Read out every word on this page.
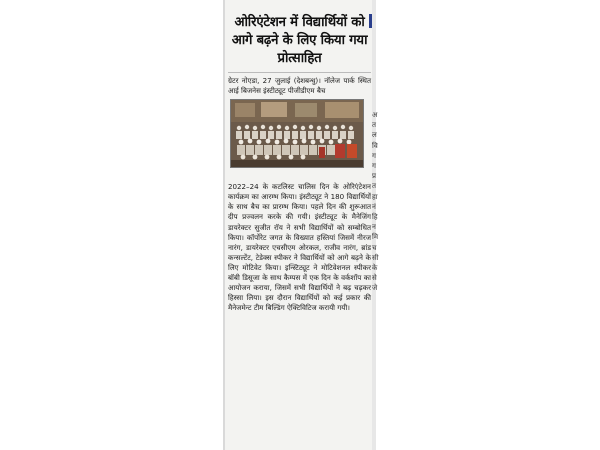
ओरिएंटेशन में विद्यार्थियों को आगे बढ़ने के लिए किया गया प्रोत्साहित

ग्रेटर नोएडा, 27 जुलाई (देशबन्धु)। नॉलेज पार्क स्थित आई बिजनेस इंस्टीट्यूट पीजीडीएम बैच

2022–24 के कटलिस्ट चालिस दिन के ओरिएंटेशन कार्यक्रम का आरम्भ किया। इंस्टीट्यूट ने 180 विद्यार्थियों के साथ बैच का प्रारम्भ किया। पहले दिन की शुरूआत दीप प्रज्वलन करके की गयी। इंस्टीट्यूट के मैनेजिंग डायरेक्टर सुजीत रॉय ने सभी विद्यार्थियों को सम्बोधित किया। कॉर्पोरेट जगत के विख्यात हस्तियां जिसमें नीरज नारंग, डायरेक्टर एचसीएम ओरकल, राजीव नारंग, ब्रांड कन्सल्टेंट, टेडेक्स स्पीकर ने विद्यार्थियों को आगे बढ़ने के लिए मोटिवेट किया। इन्स्टिट्यूट ने मोटिवेशनल स्पीकर बॉबी डिसूजा के साथ कैम्पस में एक दिन के वर्कशॉप का आयोजन कराया, जिसमें सभी विद्यार्थियों ने बढ़ चढ़कर हिस्सा लिया। इस दौरान विद्यार्थियों को कई प्रकार की मैनेजमेन्ट टीम बिल्डिंग ऐक्टिविटिज करायी गयी।

अ
त
ल
वि
ग
ग
प्र
त
हा
नं
हि
न
मि
च
सी
के
से
जे
